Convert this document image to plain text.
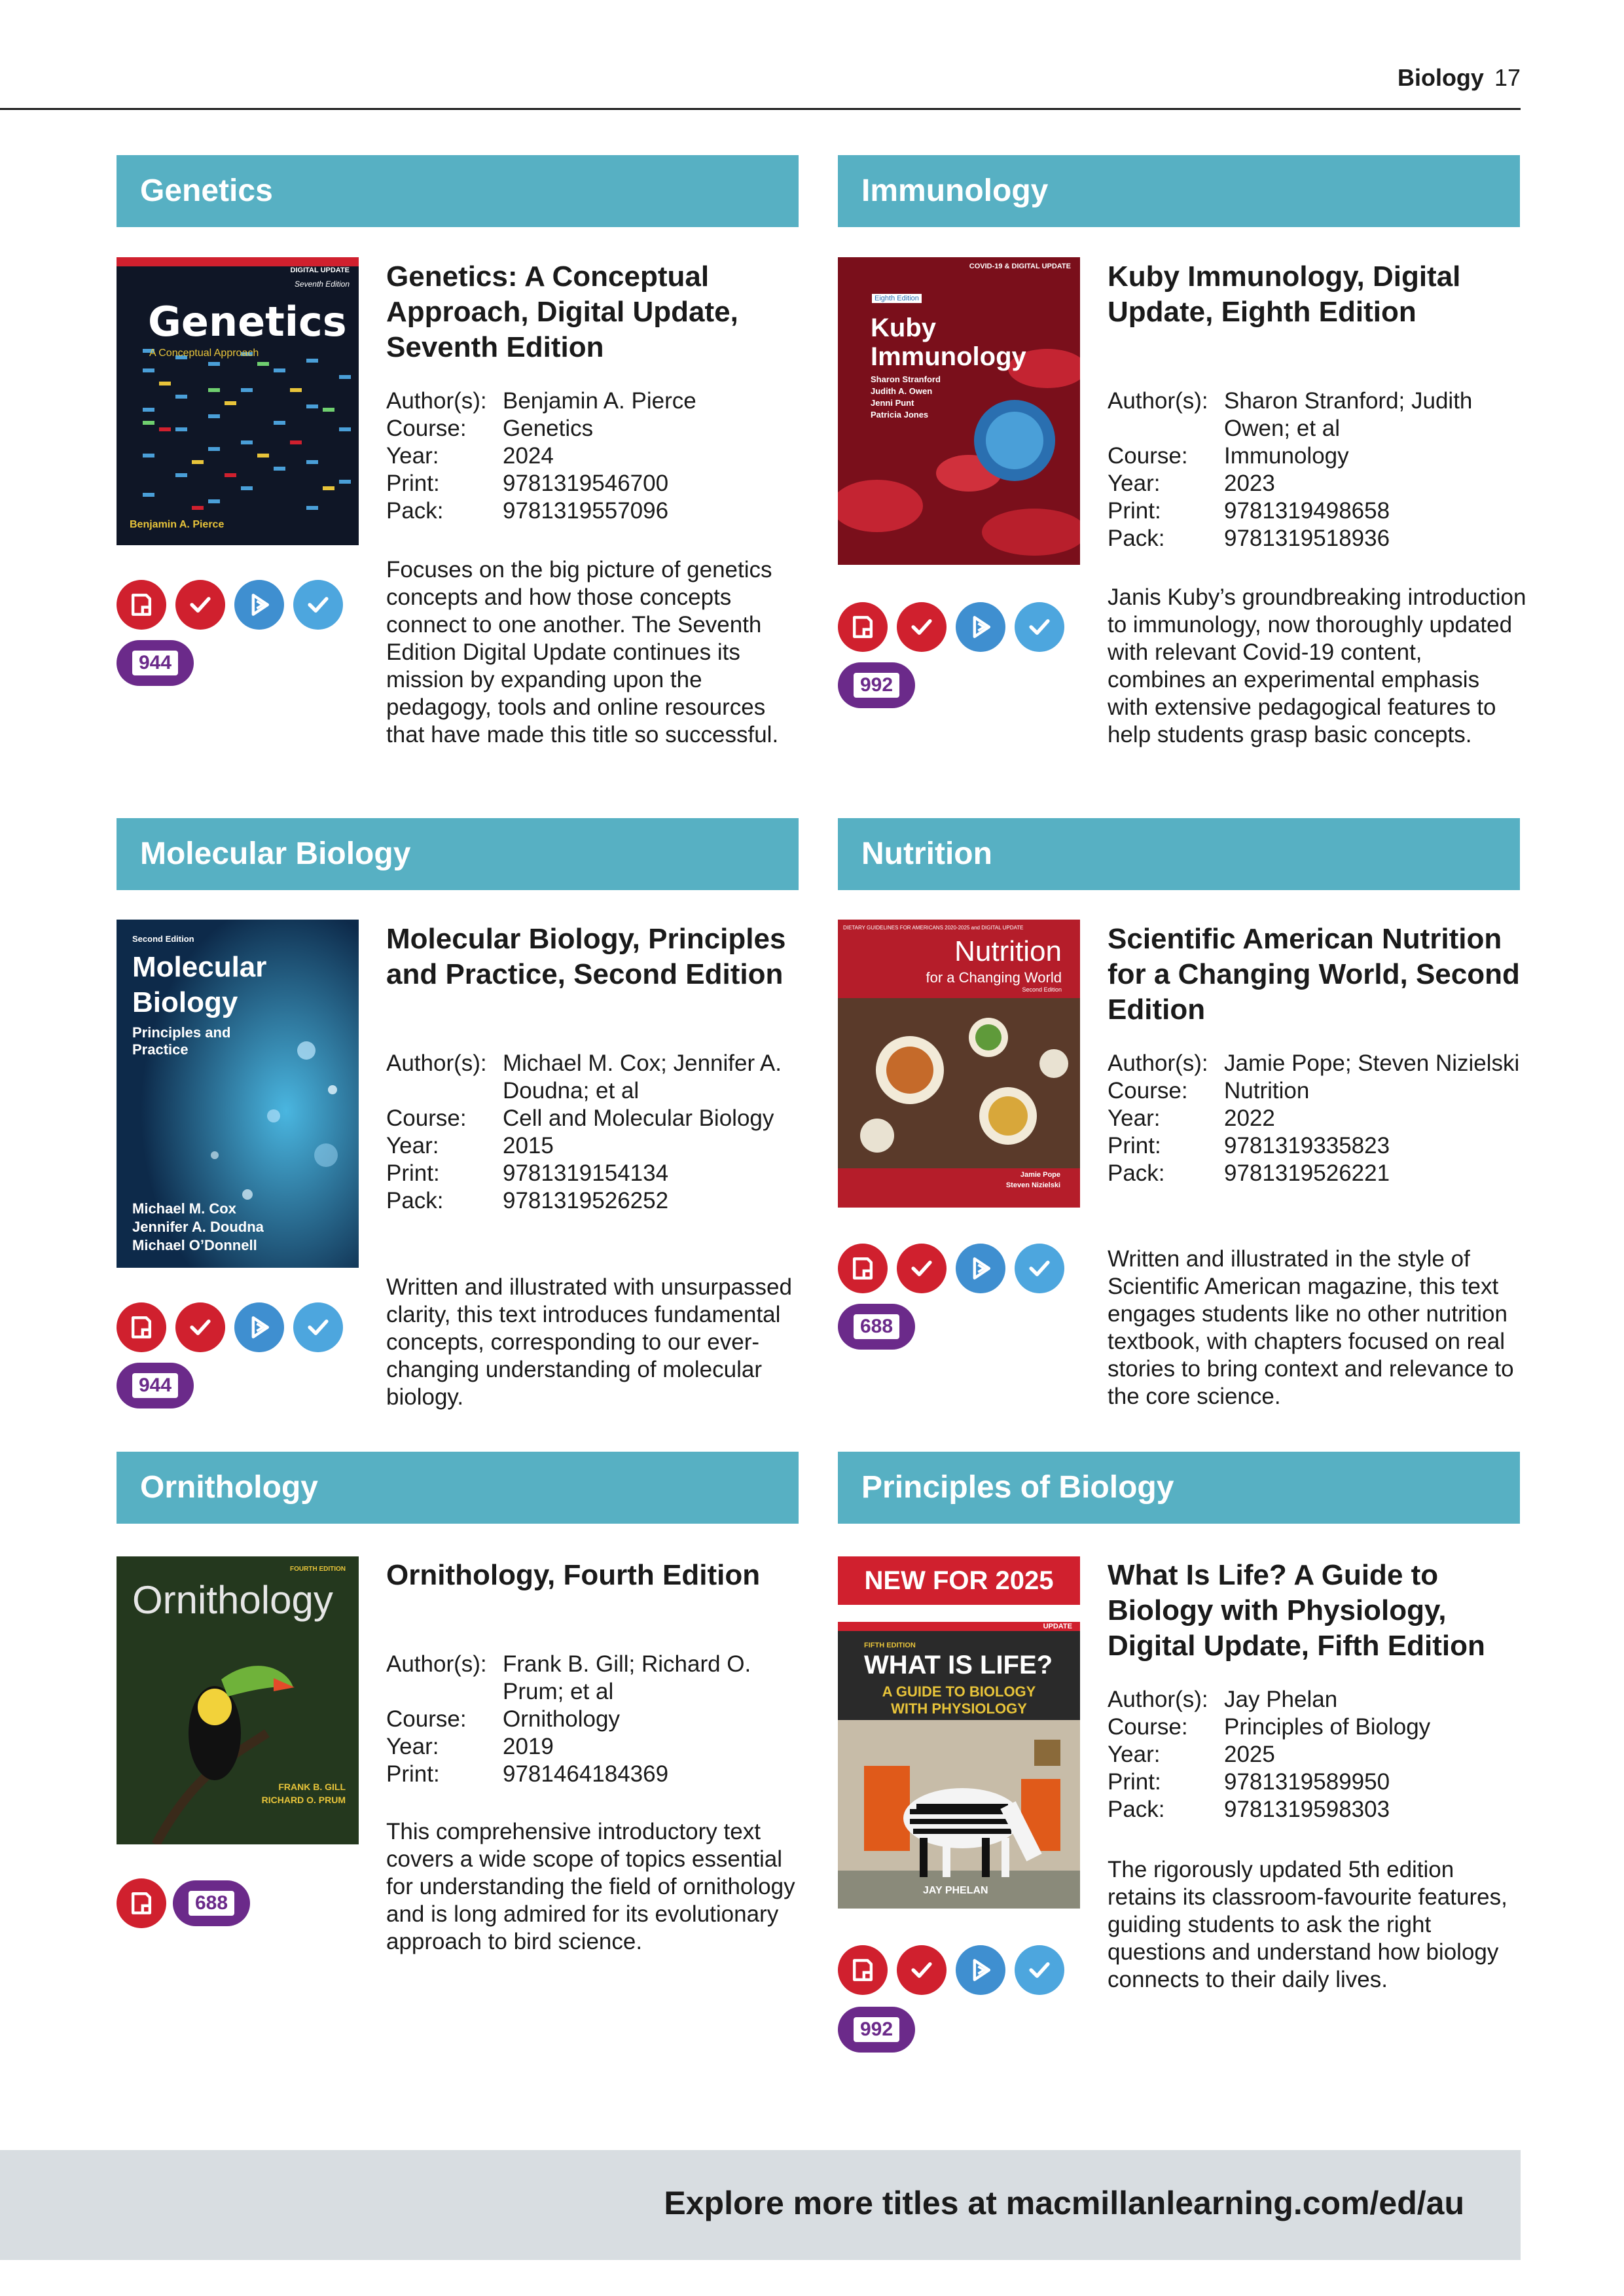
Biology 17
Genetics
DIGITAL UPDATE
Seventh Edition
Genetics
A Conceptual Approach
Benjamin A. Pierce
Genetics: A Conceptual Approach, Digital Update, Seventh Edition
Author(s): Benjamin A. Pierce
Course:	Genetics
Year:	2024
Print:	9781319546700
Pack:	9781319557096
Focuses on the big picture of genetics concepts and how those concepts connect to one another. The Seventh Edition Digital Update continues its mission by expanding upon the pedagogy, tools and online resources that have made this title so successful.
944
Immunology
COVID-19 & DIGITAL UPDATE
Eighth Edition
Kuby Immunology
Sharon Stranford
Judith A. Owen
Jenni Punt
Patricia Jones
Kuby Immunology, Digital Update, Eighth Edition
Author(s): Sharon Stranford; Judith Owen; et al
Course:	Immunology
Year:	2023
Print:	9781319498658
Pack:	9781319518936
Janis Kuby’s groundbreaking introduction to immunology, now thoroughly updated with relevant Covid-19 content, combines an experimental emphasis with extensive pedagogical features to help students grasp basic concepts.
992
Molecular Biology
Second Edition
Molecular Biology
Principles and Practice
Michael M. Cox
Jennifer A. Doudna
Michael O’Donnell
Molecular Biology, Principles and Practice, Second Edition
Author(s): Michael M. Cox; Jennifer A. Doudna; et al
Course:	Cell and Molecular Biology
Year:	2015
Print:	9781319154134
Pack:	9781319526252
Written and illustrated with unsurpassed clarity, this text introduces fundamental concepts, corresponding to our ever-changing understanding of molecular biology.
944
Nutrition
DIETARY GUIDELINES FOR AMERICANS 2020-2025 and DIGITAL UPDATE
Nutrition
for a Changing World
Second Edition
Jamie Pope
Steven Nizielski
Scientific American Nutrition for a Changing World, Second Edition
Author(s): Jamie Pope; Steven Nizielski
Course:	Nutrition
Year:	2022
Print:	9781319335823
Pack:	9781319526221
Written and illustrated in the style of Scientific American magazine, this text engages students like no other nutrition textbook, with chapters focused on real stories to bring context and relevance to the core science.
688
Ornithology
FOURTH EDITION
Ornithology
FRANK B. GILL
RICHARD O. PRUM
Ornithology, Fourth Edition
Author(s): Frank B. Gill; Richard O. Prum; et al
Course:	Ornithology
Year:	2019
Print:	9781464184369
This comprehensive introductory text covers a wide scope of topics essential for understanding the field of ornithology and is long admired for its evolutionary approach to bird science.
688
Principles of Biology
NEW FOR 2025
UPDATE
FIFTH EDITION
WHAT IS LIFE?
A GUIDE TO BIOLOGY WITH PHYSIOLOGY
JAY PHELAN
What Is Life? A Guide to Biology with Physiology, Digital Update, Fifth Edition
Author(s): Jay Phelan
Course:	Principles of Biology
Year:	2025
Print:	9781319589950
Pack:	9781319598303
The rigorously updated 5th edition retains its classroom-favourite features, guiding students to ask the right questions and understand how biology connects to their daily lives.
992
Explore more titles at macmillanlearning.com/ed/au
